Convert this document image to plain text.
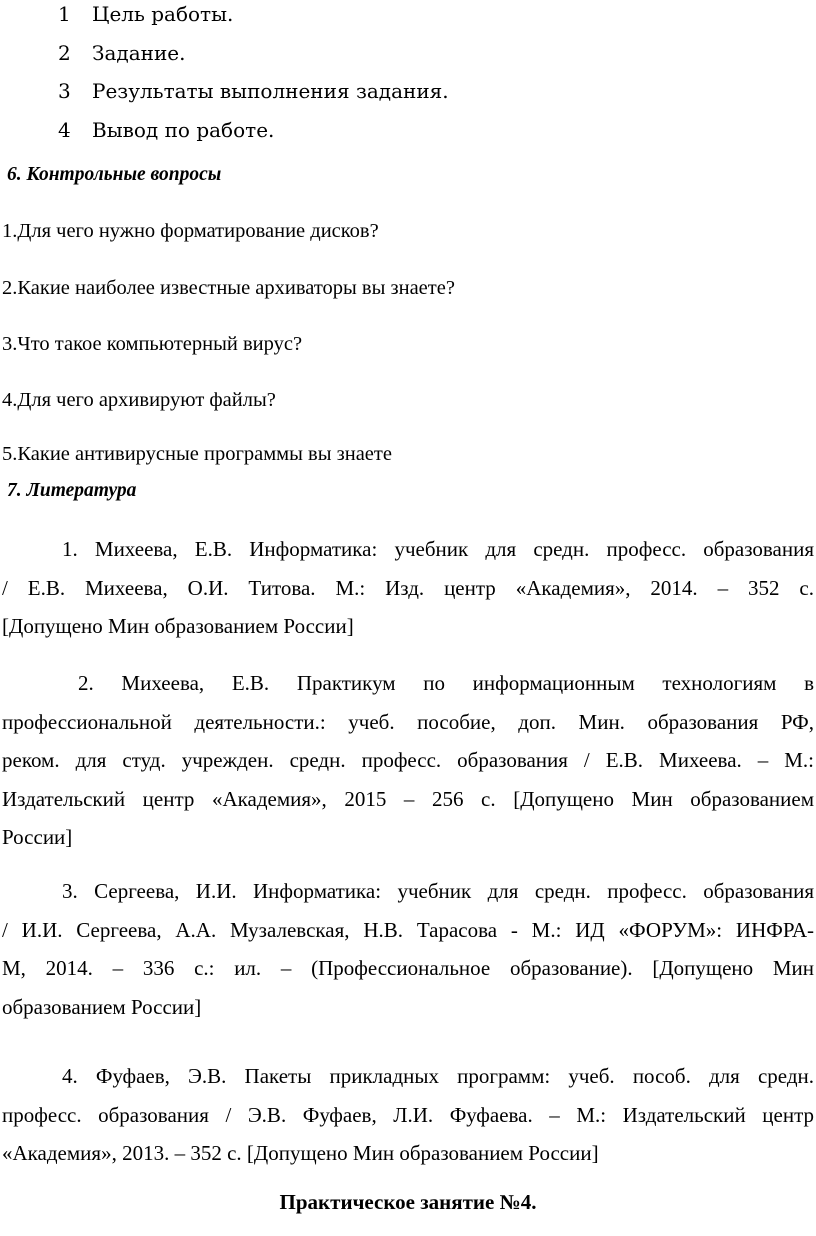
1	Цель работы.
2	Задание.
3	Результаты выполнения задания.
4	Вывод по работе.
6. Контрольные вопросы
1.Для чего нужно форматирование дисков?
2.Какие наиболее известные архиваторы вы знаете?
3.Что такое компьютерный вирус?
4.Для чего архивируют файлы?
5.Какие антивирусные программы вы знаете
7. Литература
1. Михеева, Е.В. Информатика: учебник для средн. професс. образования
/ Е.В. Михеева, О.И. Титова. М.: Изд. центр «Академия», 2014. – 352 с.
[Допущено Мин образованием России]
2. Михеева, Е.В. Практикум по информационным технологиям в
профессиональной деятельности.: учеб. пособие, доп. Мин. образования РФ,
реком. для студ. учрежден. средн. професс. образования / Е.В. Михеева. – М.:
Издательский центр «Академия», 2015 – 256 с. [Допущено Мин образованием
России]
3. Сергеева, И.И. Информатика: учебник для средн. професс. образования
/ И.И. Сергеева, А.А. Музалевская, Н.В. Тарасова - М.: ИД «ФОРУМ»: ИНФРА-
М, 2014. – 336 с.: ил. – (Профессиональное образование). [Допущено Мин
образованием России]
4. Фуфаев, Э.В. Пакеты прикладных программ: учеб. пособ. для средн.
професс. образования / Э.В. Фуфаев, Л.И. Фуфаева. – М.: Издательский центр
«Академия», 2013. – 352 с. [Допущено Мин образованием России]
Практическое занятие №4.
